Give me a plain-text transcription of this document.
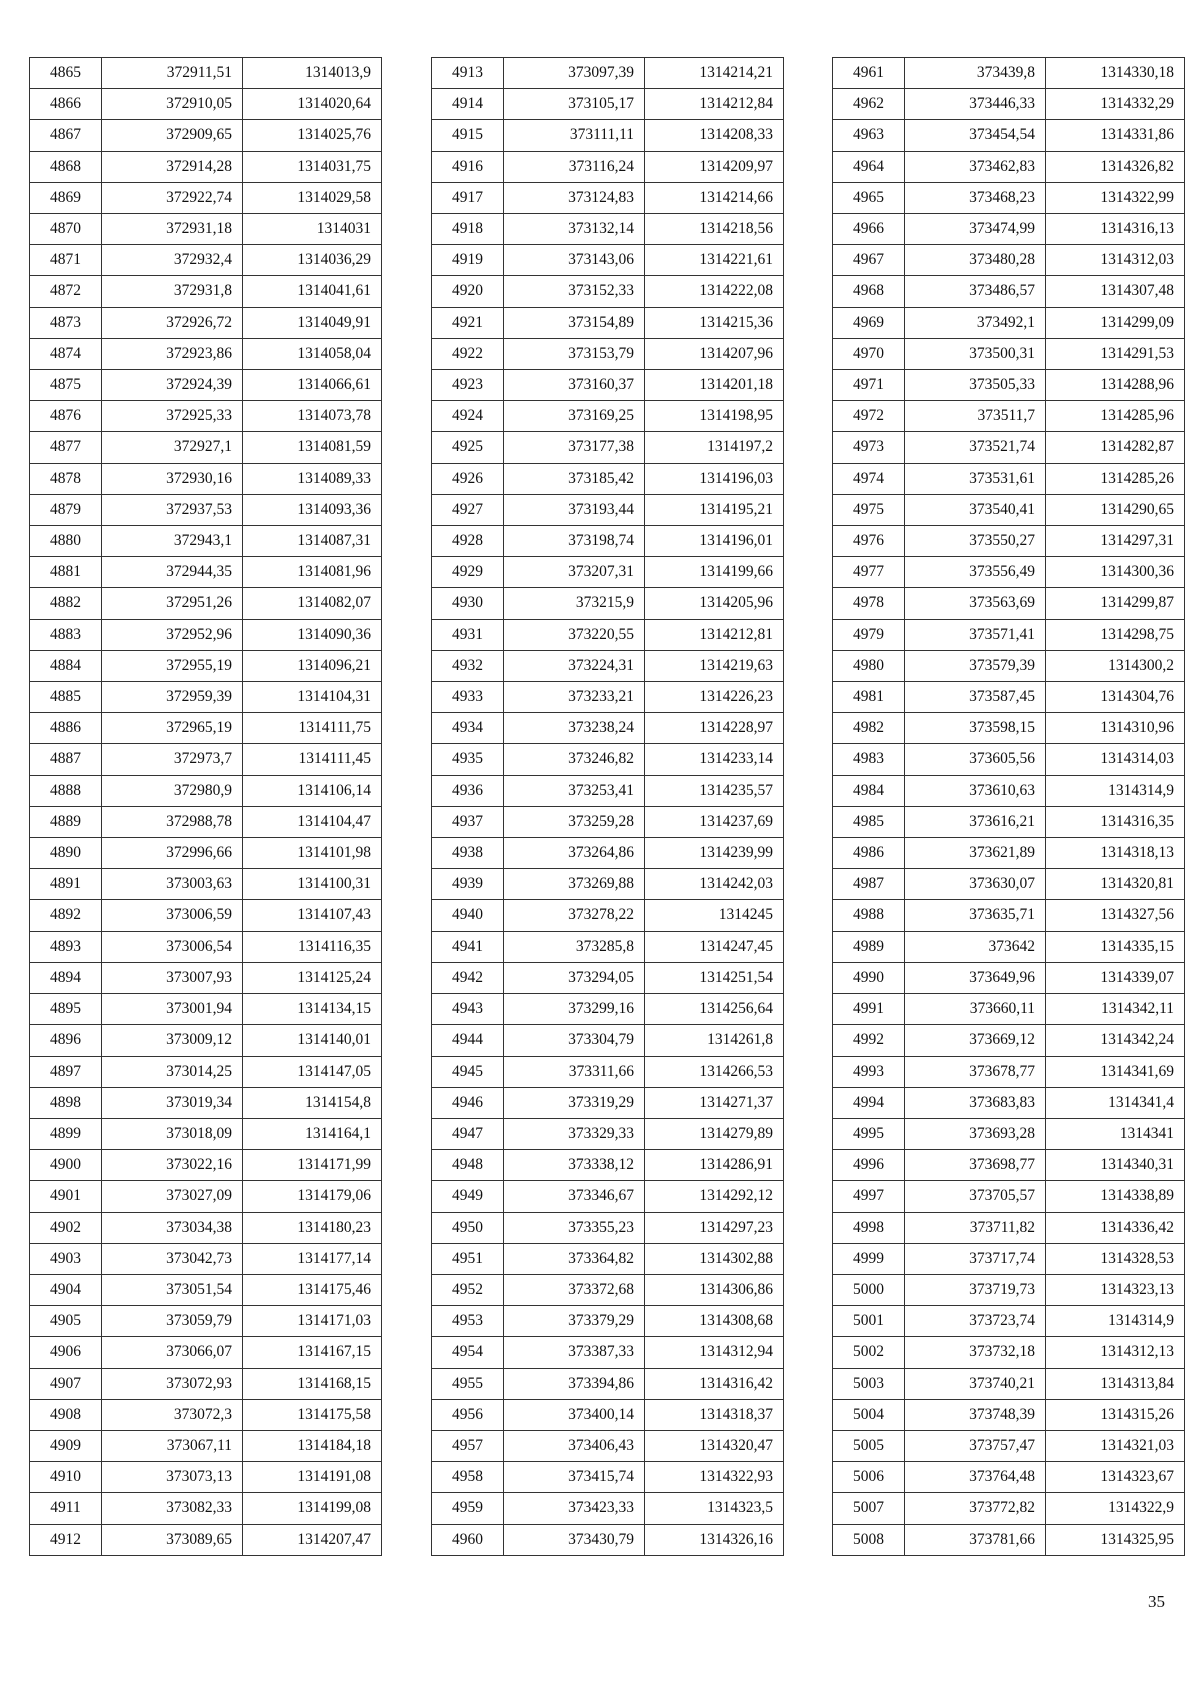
4865	372911,51	1314013,9
4866	372910,05	1314020,64
4867	372909,65	1314025,76
4868	372914,28	1314031,75
4869	372922,74	1314029,58
4870	372931,18	1314031
4871	372932,4	1314036,29
4872	372931,8	1314041,61
4873	372926,72	1314049,91
4874	372923,86	1314058,04
4875	372924,39	1314066,61
4876	372925,33	1314073,78
4877	372927,1	1314081,59
4878	372930,16	1314089,33
4879	372937,53	1314093,36
4880	372943,1	1314087,31
4881	372944,35	1314081,96
4882	372951,26	1314082,07
4883	372952,96	1314090,36
4884	372955,19	1314096,21
4885	372959,39	1314104,31
4886	372965,19	1314111,75
4887	372973,7	1314111,45
4888	372980,9	1314106,14
4889	372988,78	1314104,47
4890	372996,66	1314101,98
4891	373003,63	1314100,31
4892	373006,59	1314107,43
4893	373006,54	1314116,35
4894	373007,93	1314125,24
4895	373001,94	1314134,15
4896	373009,12	1314140,01
4897	373014,25	1314147,05
4898	373019,34	1314154,8
4899	373018,09	1314164,1
4900	373022,16	1314171,99
4901	373027,09	1314179,06
4902	373034,38	1314180,23
4903	373042,73	1314177,14
4904	373051,54	1314175,46
4905	373059,79	1314171,03
4906	373066,07	1314167,15
4907	373072,93	1314168,15
4908	373072,3	1314175,58
4909	373067,11	1314184,18
4910	373073,13	1314191,08
4911	373082,33	1314199,08
4912	373089,65	1314207,47
4913	373097,39	1314214,21
4914	373105,17	1314212,84
4915	373111,11	1314208,33
4916	373116,24	1314209,97
4917	373124,83	1314214,66
4918	373132,14	1314218,56
4919	373143,06	1314221,61
4920	373152,33	1314222,08
4921	373154,89	1314215,36
4922	373153,79	1314207,96
4923	373160,37	1314201,18
4924	373169,25	1314198,95
4925	373177,38	1314197,2
4926	373185,42	1314196,03
4927	373193,44	1314195,21
4928	373198,74	1314196,01
4929	373207,31	1314199,66
4930	373215,9	1314205,96
4931	373220,55	1314212,81
4932	373224,31	1314219,63
4933	373233,21	1314226,23
4934	373238,24	1314228,97
4935	373246,82	1314233,14
4936	373253,41	1314235,57
4937	373259,28	1314237,69
4938	373264,86	1314239,99
4939	373269,88	1314242,03
4940	373278,22	1314245
4941	373285,8	1314247,45
4942	373294,05	1314251,54
4943	373299,16	1314256,64
4944	373304,79	1314261,8
4945	373311,66	1314266,53
4946	373319,29	1314271,37
4947	373329,33	1314279,89
4948	373338,12	1314286,91
4949	373346,67	1314292,12
4950	373355,23	1314297,23
4951	373364,82	1314302,88
4952	373372,68	1314306,86
4953	373379,29	1314308,68
4954	373387,33	1314312,94
4955	373394,86	1314316,42
4956	373400,14	1314318,37
4957	373406,43	1314320,47
4958	373415,74	1314322,93
4959	373423,33	1314323,5
4960	373430,79	1314326,16
4961	373439,8	1314330,18
4962	373446,33	1314332,29
4963	373454,54	1314331,86
4964	373462,83	1314326,82
4965	373468,23	1314322,99
4966	373474,99	1314316,13
4967	373480,28	1314312,03
4968	373486,57	1314307,48
4969	373492,1	1314299,09
4970	373500,31	1314291,53
4971	373505,33	1314288,96
4972	373511,7	1314285,96
4973	373521,74	1314282,87
4974	373531,61	1314285,26
4975	373540,41	1314290,65
4976	373550,27	1314297,31
4977	373556,49	1314300,36
4978	373563,69	1314299,87
4979	373571,41	1314298,75
4980	373579,39	1314300,2
4981	373587,45	1314304,76
4982	373598,15	1314310,96
4983	373605,56	1314314,03
4984	373610,63	1314314,9
4985	373616,21	1314316,35
4986	373621,89	1314318,13
4987	373630,07	1314320,81
4988	373635,71	1314327,56
4989	373642	1314335,15
4990	373649,96	1314339,07
4991	373660,11	1314342,11
4992	373669,12	1314342,24
4993	373678,77	1314341,69
4994	373683,83	1314341,4
4995	373693,28	1314341
4996	373698,77	1314340,31
4997	373705,57	1314338,89
4998	373711,82	1314336,42
4999	373717,74	1314328,53
5000	373719,73	1314323,13
5001	373723,74	1314314,9
5002	373732,18	1314312,13
5003	373740,21	1314313,84
5004	373748,39	1314315,26
5005	373757,47	1314321,03
5006	373764,48	1314323,67
5007	373772,82	1314322,9
5008	373781,66	1314325,95
35
